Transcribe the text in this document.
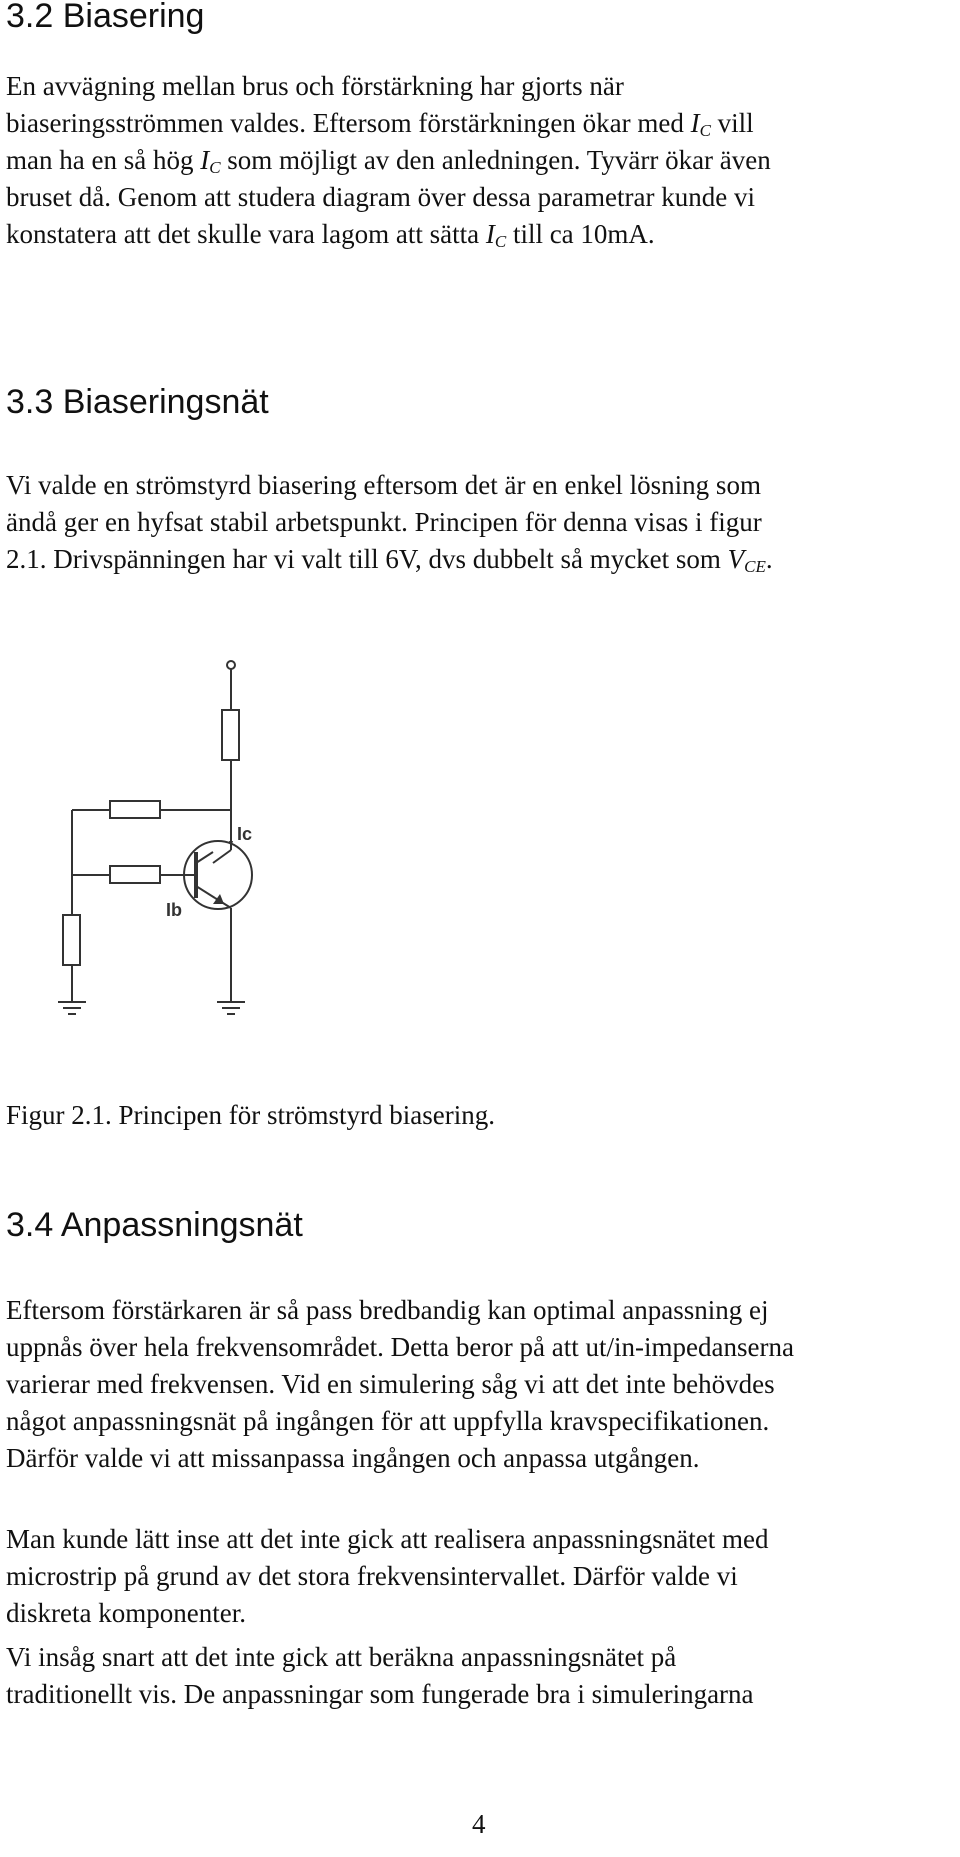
3.2 Biasering
En avvägning mellan brus och förstärkning har gjorts när
biaseringsströmmen valdes. Eftersom förstärkningen ökar med $I_C$ vill
man ha en så hög $I_C$ som möjligt av den anledningen. Tyvärr ökar även
bruset då. Genom att studera diagram över dessa parametrar kunde vi
konstatera att det skulle vara lagom att sätta $I_C$ till ca 10mA.
3.3 Biaseringsnät
Vi valde en strömstyrd biasering eftersom det är en enkel lösning som
ändå ger en hyfsat stabil arbetspunkt. Principen för denna visas i figur
2.1. Drivspänningen har vi valt till 6V, dvs dubbelt så mycket som $V_{CE}$.
Ic
Ib
Figur 2.1. Principen för strömstyrd biasering.
3.4 Anpassningsnät
Eftersom förstärkaren är så pass bredbandig kan optimal anpassning ej
uppnås över hela frekvensområdet. Detta beror på att ut/in-impedanserna
varierar med frekvensen. Vid en simulering såg vi att det inte behövdes
något anpassningsnät på ingången för att uppfylla kravspecifikationen.
Därför valde vi att missanpassa ingången och anpassa utgången.
Man kunde lätt inse att det inte gick att realisera anpassningsnätet med
microstrip på grund av det stora frekvensintervallet. Därför valde vi
diskreta komponenter.
Vi insåg snart att det inte gick att beräkna anpassningsnätet på
traditionellt vis. De anpassningar som fungerade bra i simuleringarna
4
